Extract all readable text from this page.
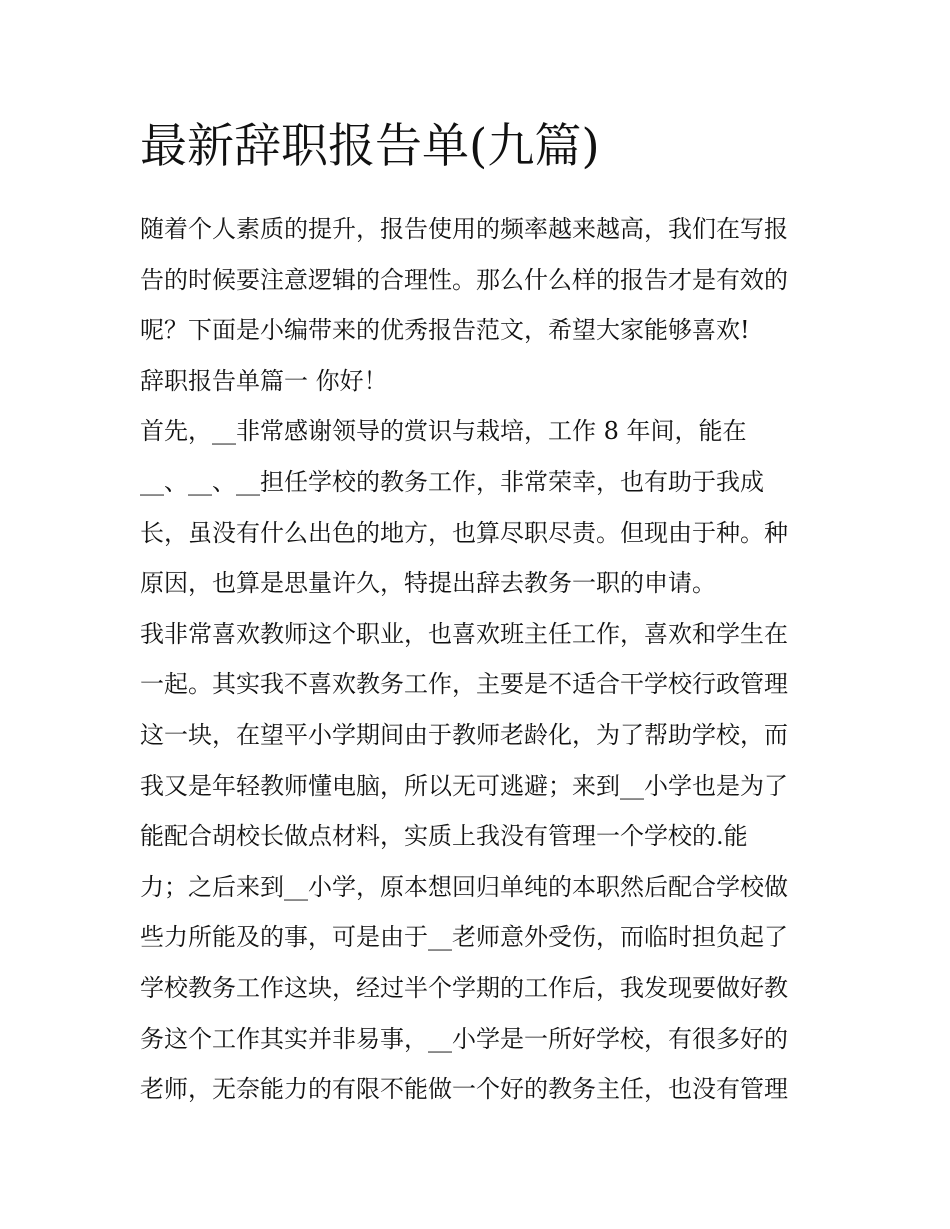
最新辞职报告单(九篇)
随着个人素质的提升，报告使用的频率越来越高，我们在写报
告的时候要注意逻辑的合理性。那么什么样的报告才是有效的
呢？下面是小编带来的优秀报告范文，希望大家能够喜欢!
辞职报告单篇一 你好！
首先，__非常感谢领导的赏识与栽培，工作 8 年间，能在
__、__、__担任学校的教务工作，非常荣幸，也有助于我成
长，虽没有什么出色的地方，也算尽职尽责。但现由于种。种
原因，也算是思量许久，特提出辞去教务一职的申请。
我非常喜欢教师这个职业，也喜欢班主任工作，喜欢和学生在
一起。其实我不喜欢教务工作，主要是不适合干学校行政管理
这一块，在望平小学期间由于教师老龄化，为了帮助学校，而
我又是年轻教师懂电脑，所以无可逃避；来到__小学也是为了
能配合胡校长做点材料，实质上我没有管理一个学校的.能
力；之后来到__小学，原本想回归单纯的本职然后配合学校做
些力所能及的事，可是由于__老师意外受伤，而临时担负起了
学校教务工作这块，经过半个学期的工作后，我发现要做好教
务这个工作其实并非易事，__小学是一所好学校，有很多好的
老师，无奈能力的有限不能做一个好的教务主任，也没有管理
